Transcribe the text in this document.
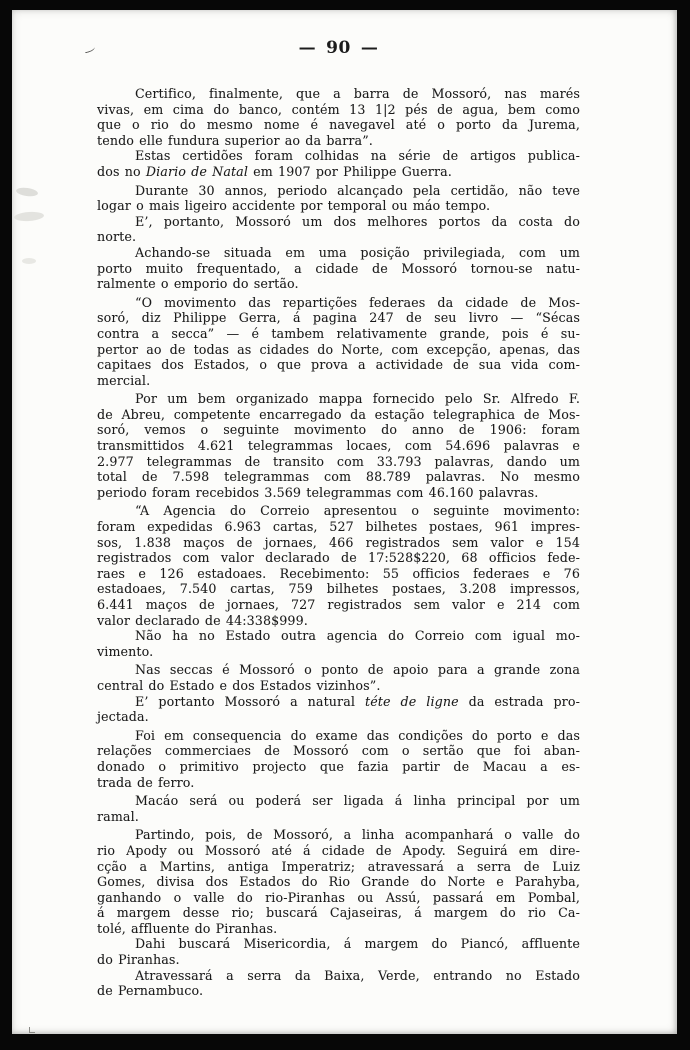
— 90 —
Certifico, finalmente, que a barra de Mossoró, nas marés
vivas, em cima do banco, contém 13 1|2 pés de agua, bem como
que o rio do mesmo nome é navegavel até o porto da Jurema,
tendo elle fundura superior ao da barra”.
Estas certidões foram colhidas na série de artigos publica-
dos no Diario de Natal em 1907 por Philippe Guerra.
Durante 30 annos, periodo alcançado pela certidão, não teve
logar o mais ligeiro accidente por temporal ou máo tempo.
E’, portanto, Mossoró um dos melhores portos da costa do
norte.
Achando-se situada em uma posição privilegiada, com um
porto muito frequentado, a cidade de Mossoró tornou-se natu-
ralmente o emporio do sertão.
“O movimento das repartições federaes da cidade de Mos-
soró, diz Philippe Gerra, á pagina 247 de seu livro — “Sécas
contra a secca” — é tambem relativamente grande, pois é su-
pertor ao de todas as cidades do Norte, com excepção, apenas, das
capitaes dos Estados, o que prova a actividade de sua vida com-
mercial.
Por um bem organizado mappa fornecido pelo Sr. Alfredo F.
de Abreu, competente encarregado da estação telegraphica de Mos-
soró, vemos o seguinte movimento do anno de 1906: foram
transmittidos 4.621 telegrammas locaes, com 54.696 palavras e
2.977 telegrammas de transito com 33.793 palavras, dando um
total de 7.598 telegrammas com 88.789 palavras. No mesmo
periodo foram recebidos 3.569 telegrammas com 46.160 palavras.
“A Agencia do Correio apresentou o seguinte movimento:
foram expedidas 6.963 cartas, 527 bilhetes postaes, 961 impres-
sos, 1.838 maços de jornaes, 466 registrados sem valor e 154
registrados com valor declarado de 17:528$220, 68 officios fede-
raes e 126 estadoaes. Recebimento: 55 officios federaes e 76
estadoaes, 7.540 cartas, 759 bilhetes postaes, 3.208 impressos,
6.441 maços de jornaes, 727 registrados sem valor e 214 com
valor declarado de 44:338$999.
Não ha no Estado outra agencia do Correio com igual mo-
vimento.
Nas seccas é Mossoró o ponto de apoio para a grande zona
central do Estado e dos Estados vizinhos”.
E’ portanto Mossoró a natural téte de ligne da estrada pro-
jectada.
Foi em consequencia do exame das condições do porto e das
relações commerciaes de Mossoró com o sertão que foi aban-
donado o primitivo projecto que fazia partir de Macau a es-
trada de ferro.
Macáo será ou poderá ser ligada á linha principal por um
ramal.
Partindo, pois, de Mossoró, a linha acompanhará o valle do
rio Apody ou Mossoró até á cidade de Apody. Seguirá em dire-
cção a Martins, antiga Imperatriz; atravessará a serra de Luiz
Gomes, divisa dos Estados do Rio Grande do Norte e Parahyba,
ganhando o valle do rio-Piranhas ou Assú, passará em Pombal,
á margem desse rio; buscará Cajaseiras, á margem do rio Ca-
tolé, affluente do Piranhas.
Dahi buscará Misericordia, á margem do Piancó, affluente
do Piranhas.
Atravessará a serra da Baixa, Verde, entrando no Estado
de Pernambuco.
